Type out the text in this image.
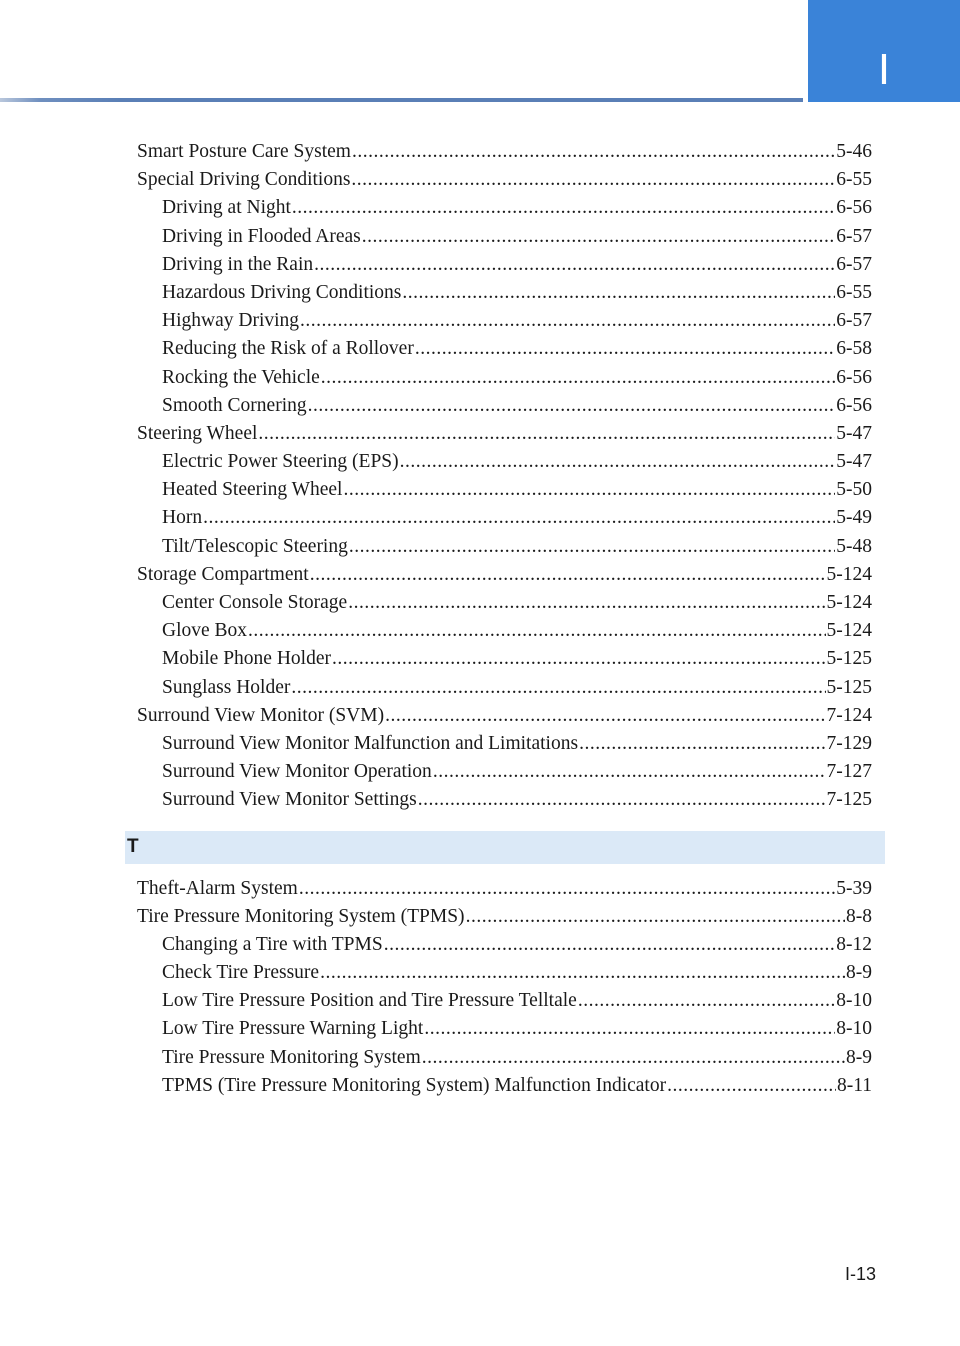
I
Smart Posture Care System .....	5-46
Special Driving Conditions .....	6-55
Driving at Night .....	6-56
Driving in Flooded Areas .....	6-57
Driving in the Rain .....	6-57
Hazardous Driving Conditions .....	6-55
Highway Driving .....	6-57
Reducing the Risk of a Rollover .....	6-58
Rocking the Vehicle .....	6-56
Smooth Cornering .....	6-56
Steering Wheel .....	5-47
Electric Power Steering (EPS) .....	5-47
Heated Steering Wheel .....	5-50
Horn .....	5-49
Tilt/Telescopic Steering .....	5-48
Storage Compartment .....	5-124
Center Console Storage .....	5-124
Glove Box .....	5-124
Mobile Phone Holder .....	5-125
Sunglass Holder .....	5-125
Surround View Monitor (SVM) .....	7-124
Surround View Monitor Malfunction and Limitations .....	7-129
Surround View Monitor Operation .....	7-127
Surround View Monitor Settings .....	7-125
T
Theft-Alarm System .....	5-39
Tire Pressure Monitoring System (TPMS) .....	8-8
Changing a Tire with TPMS .....	8-12
Check Tire Pressure .....	8-9
Low Tire Pressure Position and Tire Pressure Telltale .....	8-10
Low Tire Pressure Warning Light .....	8-10
Tire Pressure Monitoring System .....	8-9
TPMS (Tire Pressure Monitoring System) Malfunction Indicator .....	8-11
I-13
